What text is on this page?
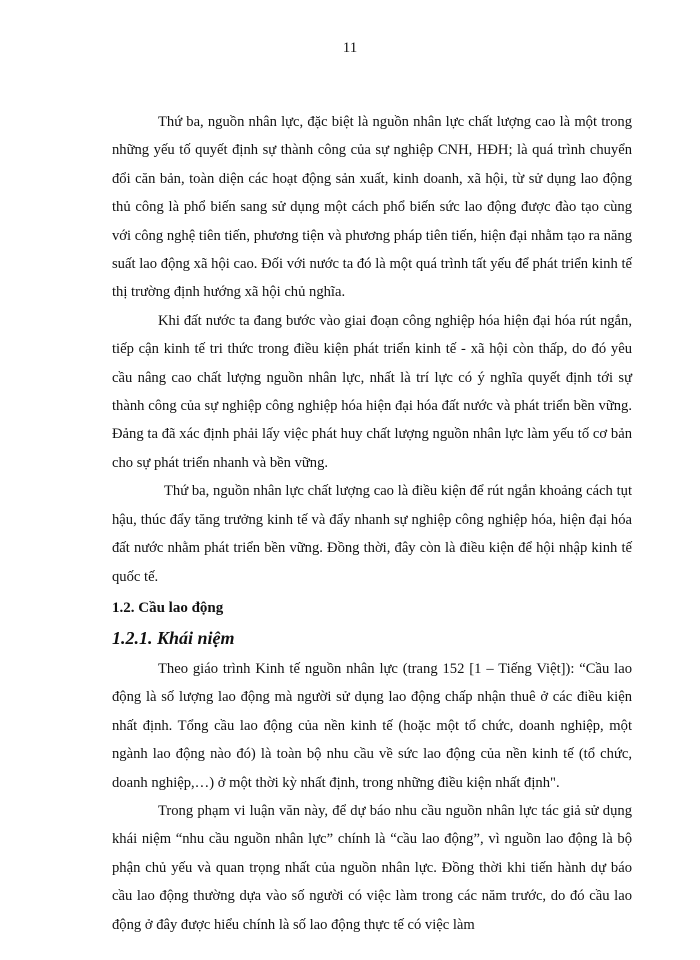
11

Thứ ba, nguồn nhân lực, đặc biệt là nguồn nhân lực chất lượng cao là một trong những yếu tố quyết định sự thành công của sự nghiệp CNH, HĐH; là quá trình chuyển đổi căn bản, toàn diện các hoạt động sản xuất, kinh doanh, xã hội, từ sử dụng lao động thủ công là phổ biến sang sử dụng một cách phổ biến sức lao động được đào tạo cùng với công nghệ tiên tiến, phương tiện và phương pháp tiên tiến, hiện đại nhằm tạo ra năng suất lao động xã hội cao. Đối với nước ta đó là một quá trình tất yếu để phát triển kinh tế thị trường định hướng xã hội chủ nghĩa.

Khi đất nước ta đang bước vào giai đoạn công nghiệp hóa hiện đại hóa rút ngắn, tiếp cận kinh tế tri thức trong điều kiện phát triển kinh tế - xã hội còn thấp, do đó yêu cầu nâng cao chất lượng nguồn nhân lực, nhất là trí lực có ý nghĩa quyết định tới sự thành công của sự nghiệp công nghiệp hóa hiện đại hóa đất nước và phát triển bền vững. Đảng ta đã xác định phải lấy việc phát huy chất lượng nguồn nhân lực làm yếu tố cơ bản cho sự phát triển nhanh và bền vững.

Thứ ba, nguồn nhân lực chất lượng cao là điều kiện để rút ngắn khoảng cách tụt hậu, thúc đẩy tăng trưởng kinh tế và đẩy nhanh sự nghiệp công nghiệp hóa, hiện đại hóa đất nước nhằm phát triển bền vững. Đồng thời, đây còn là điều kiện để hội nhập kinh tế quốc tế.

1.2. Cầu lao động
1.2.1. Khái niệm

Theo giáo trình Kinh tế nguồn nhân lực (trang 152 [1 – Tiếng Việt]): “Cầu lao động là số lượng lao động mà người sử dụng lao động chấp nhận thuê ở các điều kiện nhất định. Tổng cầu lao động của nền kinh tế (hoặc một tổ chức, doanh nghiệp, một ngành lao động nào đó) là toàn bộ nhu cầu về sức lao động của nền kinh tế (tổ chức, doanh nghiệp,…) ở một thời kỳ nhất định, trong những điều kiện nhất định".

Trong phạm vi luận văn này, để dự báo nhu cầu nguồn nhân lực tác giả sử dụng khái niệm “nhu cầu nguồn nhân lực” chính là “cầu lao động”, vì nguồn lao động là bộ phận chủ yếu và quan trọng nhất của nguồn nhân lực. Đồng thời khi tiến hành dự báo cầu lao động thường dựa vào số người có việc làm trong các năm trước, do đó cầu lao động ở đây được hiểu chính là số lao động thực tế có việc làm
